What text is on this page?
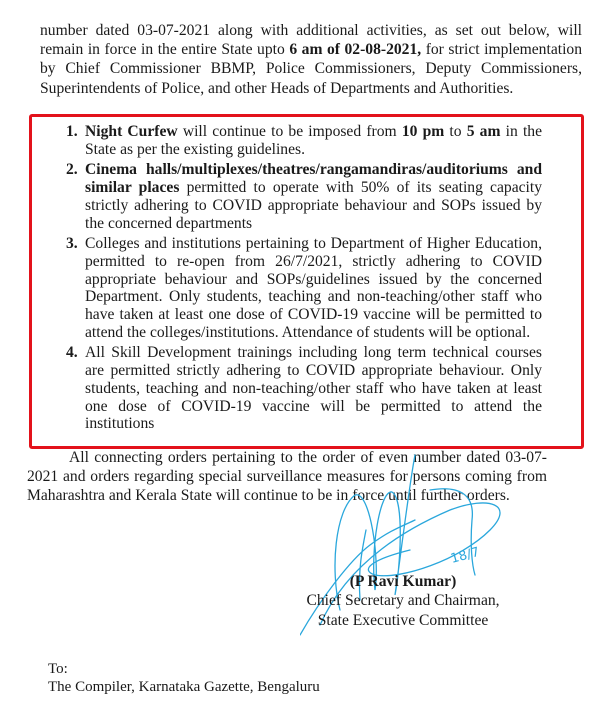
number dated 03-07-2021 along with additional activities, as set out below, will remain in force in the entire State upto 6 am of 02-08-2021, for strict implementation by Chief Commissioner BBMP, Police Commissioners, Deputy Commissioners, Superintendents of Police, and other Heads of Departments and Authorities.

1. Night Curfew will continue to be imposed from 10 pm to 5 am in the State as per the existing guidelines.
2. Cinema halls/multiplexes/theatres/rangamandiras/auditoriums and similar places permitted to operate with 50% of its seating capacity strictly adhering to COVID appropriate behaviour and SOPs issued by the concerned departments
3. Colleges and institutions pertaining to Department of Higher Education, permitted to re-open from 26/7/2021, strictly adhering to COVID appropriate behaviour and SOPs/guidelines issued by the concerned Department. Only students, teaching and non-teaching/other staff who have taken at least one dose of COVID-19 vaccine will be permitted to attend the colleges/institutions. Attendance of students will be optional.
4. All Skill Development trainings including long term technical courses are permitted strictly adhering to COVID appropriate behaviour. Only students, teaching and non-teaching/other staff who have taken at least one dose of COVID-19 vaccine will be permitted to attend the institutions

All connecting orders pertaining to the order of even number dated 03-07-2021 and orders regarding special surveillance measures for persons coming from Maharashtra and Kerala State will continue to be in force until further orders.

18/7
(P Ravi Kumar)
Chief Secretary and Chairman,
State Executive Committee
To:
The Compiler, Karnataka Gazette, Bengaluru
